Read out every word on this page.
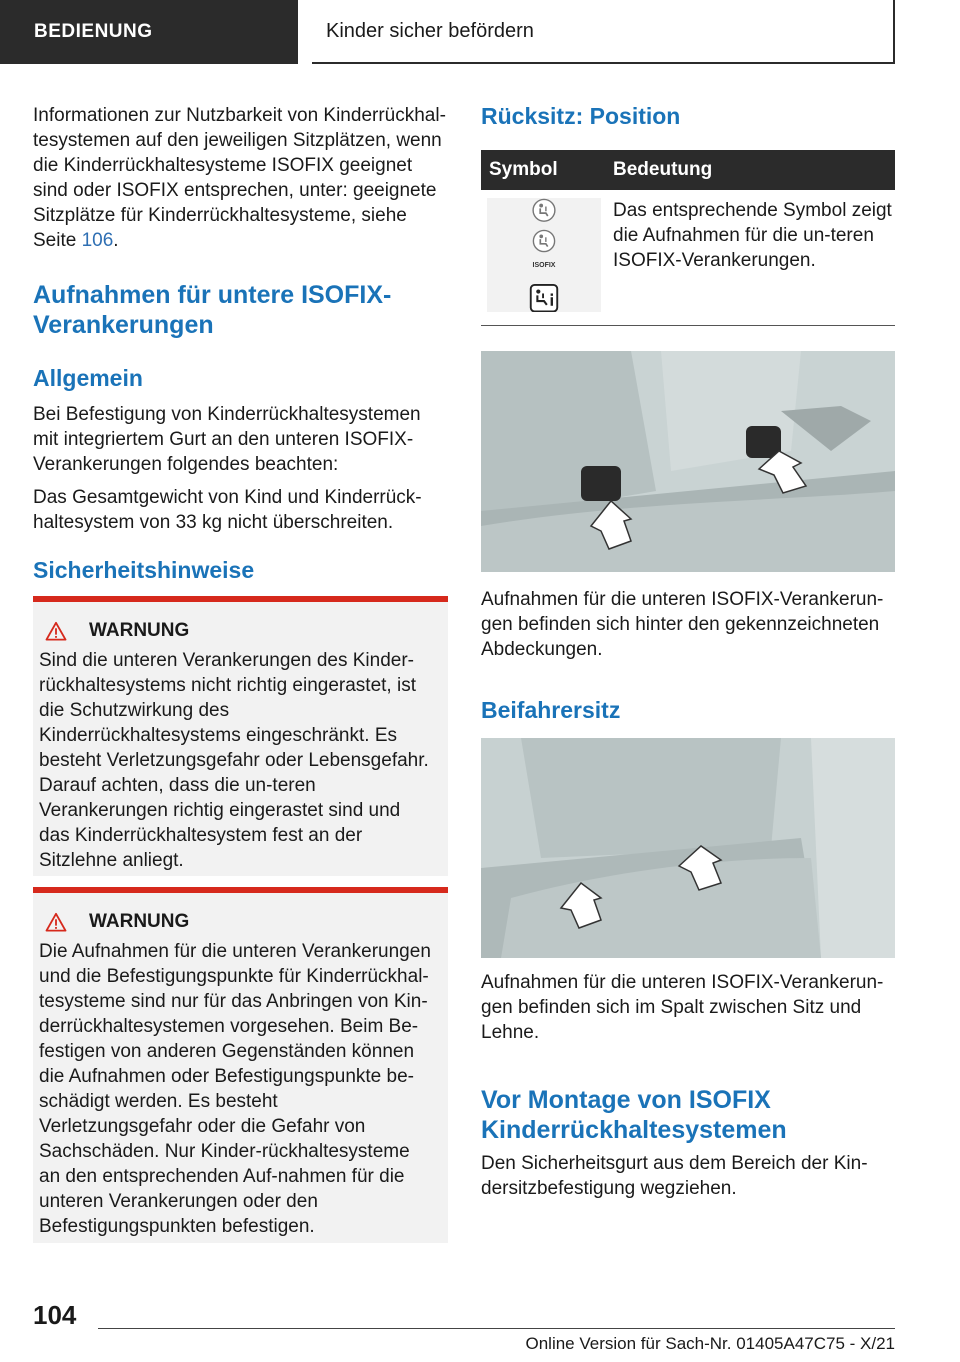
BEDIENUNG	Kinder sicher befördern

Informationen zur Nutzbarkeit von Kinderrückhal-tesystemen auf den jeweiligen Sitzplätzen, wenn die Kinderrückhaltesysteme ISOFIX geeignet sind oder ISOFIX entsprechen, unter: geeignete Sitzplätze für Kinderrückhaltesysteme, siehe Seite 106.

Aufnahmen für untere ISOFIX-Verankerungen
Allgemein

Bei Befestigung von Kinderrückhaltesystemen mit integriertem Gurt an den unteren ISOFIX-Verankerungen folgendes beachten:

Das Gesamtgewicht von Kind und Kinderrück-haltesystem von 33 kg nicht überschreiten.

Sicherheitshinweise
WARNUNG

Sind die unteren Verankerungen des Kinder-rückhaltesystems nicht richtig eingerastet, ist die Schutzwirkung des Kinderrückhaltesystems eingeschränkt. Es besteht Verletzungsgefahr oder Lebensgefahr. Darauf achten, dass die un-teren Verankerungen richtig eingerastet sind und das Kinderrückhaltesystem fest an der Sitzlehne anliegt.

WARNUNG

Die Aufnahmen für die unteren Verankerungen und die Befestigungspunkte für Kinderrückhal-tesysteme sind nur für das Anbringen von Kin-derrückhaltesystemen vorgesehen. Beim Be-festigen von anderen Gegenständen können die Aufnahmen oder Befestigungspunkte be-schädigt werden. Es besteht Verletzungsgefahr oder die Gefahr von Sachschäden. Nur Kinder-rückhaltesysteme an den entsprechenden Auf-nahmen für die unteren Verankerungen oder den Befestigungspunkten befestigen.

Rücksitz: Position
Symbol	Bedeutung

ISOFIX	Das entsprechende Symbol zeigt die Aufnahmen für die un-teren ISOFIX-Verankerungen.

Aufnahmen für die unteren ISOFIX-Verankerun-gen befinden sich hinter den gekennzeichneten Abdeckungen.

Beifahrersitz

Aufnahmen für die unteren ISOFIX-Verankerun-gen befinden sich im Spalt zwischen Sitz und Lehne.

Vor Montage von ISOFIX Kinderrückhaltesystemen

Den Sicherheitsgurt aus dem Bereich der Kin-dersitzbefestigung wegziehen.

104
Online Version für Sach-Nr. 01405A47C75 - X/21
